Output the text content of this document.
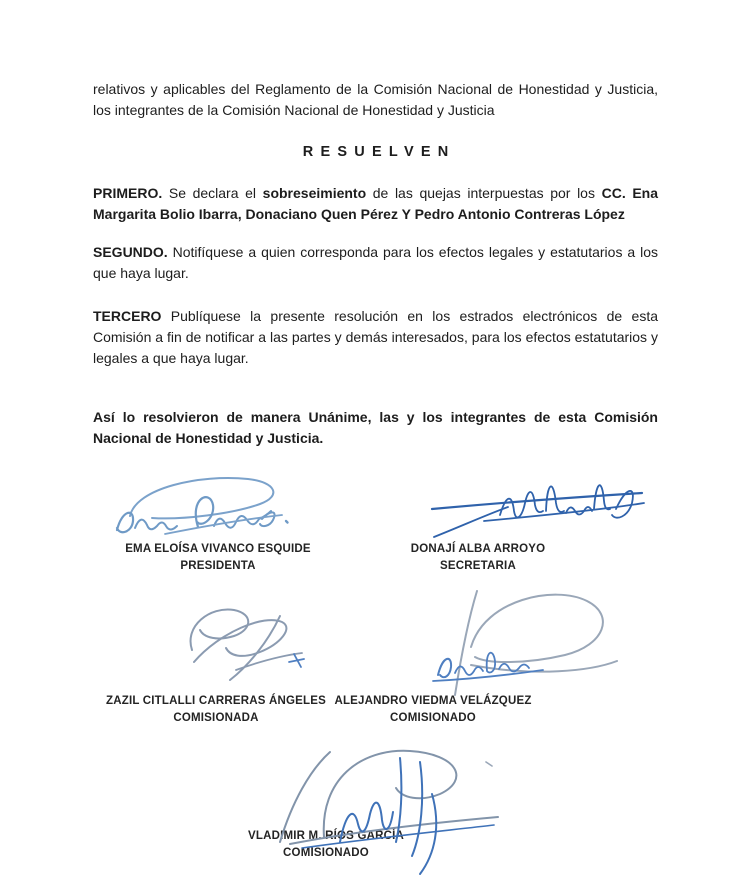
relativos y aplicables del Reglamento de la Comisión Nacional de Honestidad y Justicia, los integrantes de la Comisión Nacional de Honestidad y Justicia

RESUELVEN

PRIMERO. Se declara el sobreseimiento de las quejas interpuestas por los CC. Ena Margarita Bolio Ibarra, Donaciano Quen Pérez Y Pedro Antonio Contreras López

SEGUNDO. Notifíquese a quien corresponda para los efectos legales y estatutarios a los que haya lugar.

TERCERO Publíquese la presente resolución en los estrados electrónicos de esta Comisión a fin de notificar a las partes y demás interesados, para los efectos estatutarios y legales a que haya lugar.

Así lo resolvieron de manera Unánime, las y los integrantes de esta Comisión Nacional de Honestidad y Justicia.

EMA ELOÍSA VIVANCO ESQUIDE
PRESIDENTA
DONAJÍ ALBA ARROYO
SECRETARIA
ZAZIL CITLALLI CARRERAS ÁNGELES
COMISIONADA
ALEJANDRO VIEDMA VELÁZQUEZ
COMISIONADO
VLADIMIR M. RÍOS GARCÍA
COMISIONADO
